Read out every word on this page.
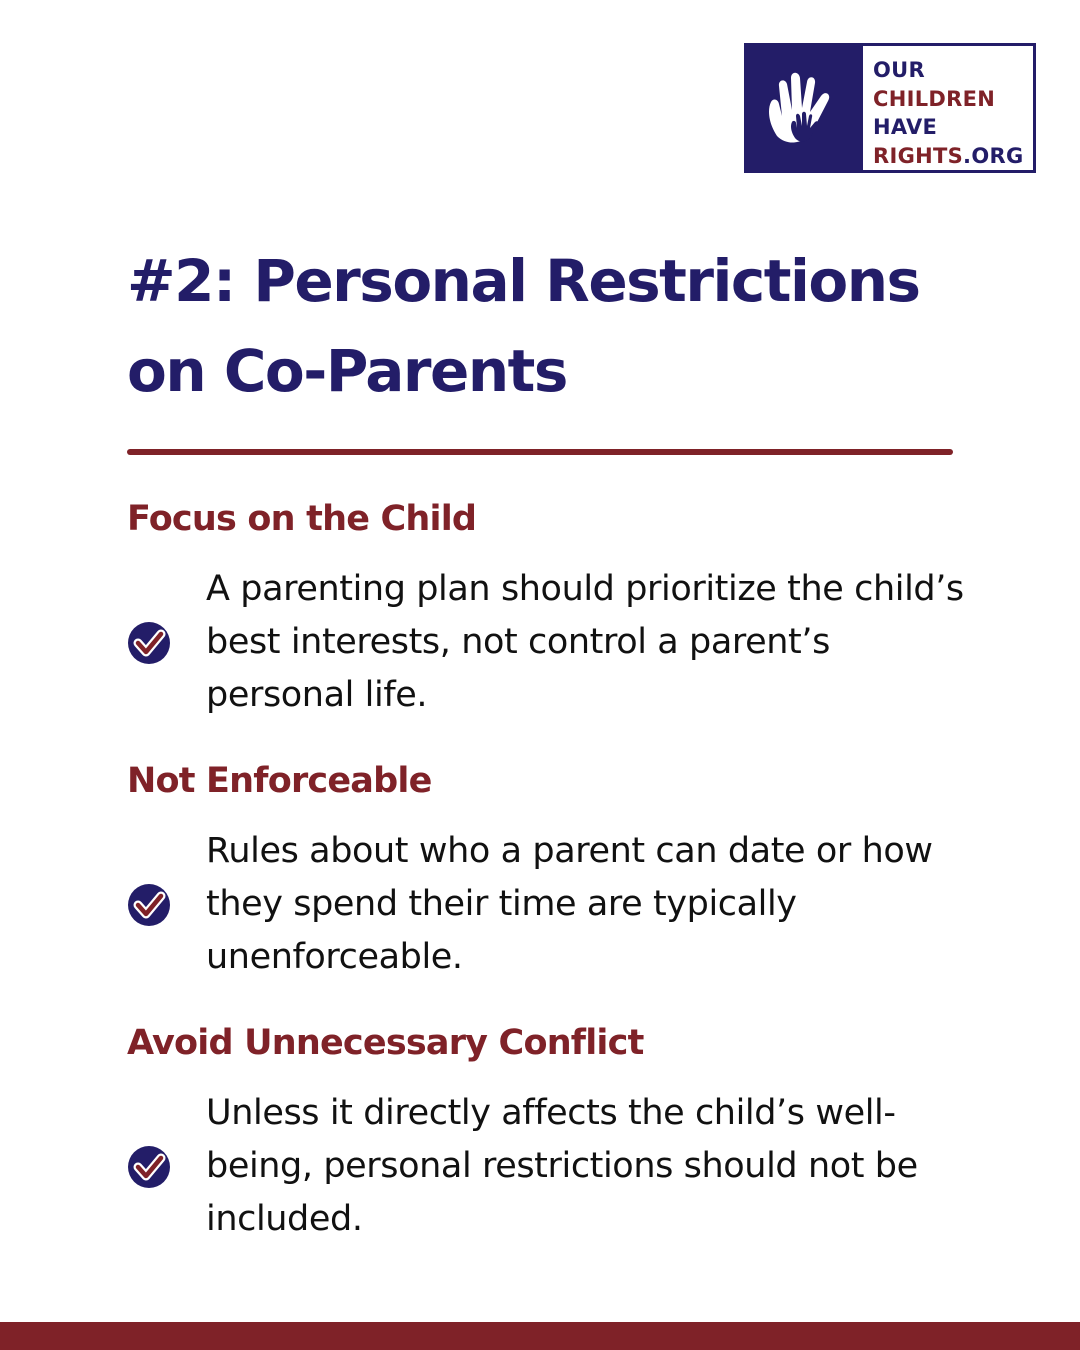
OUR
CHILDREN
HAVE
RIGHTS.ORG
#2: Personal Restrictions
on Co-Parents
Focus on the Child

A parenting plan should prioritize the child’s best interests, not control a parent’s personal life.

Not Enforceable

Rules about who a parent can date or how they spend their time are typically unenforceable.

Avoid Unnecessary Conflict

Unless it directly affects the child’s well-being, personal restrictions should not be included.
